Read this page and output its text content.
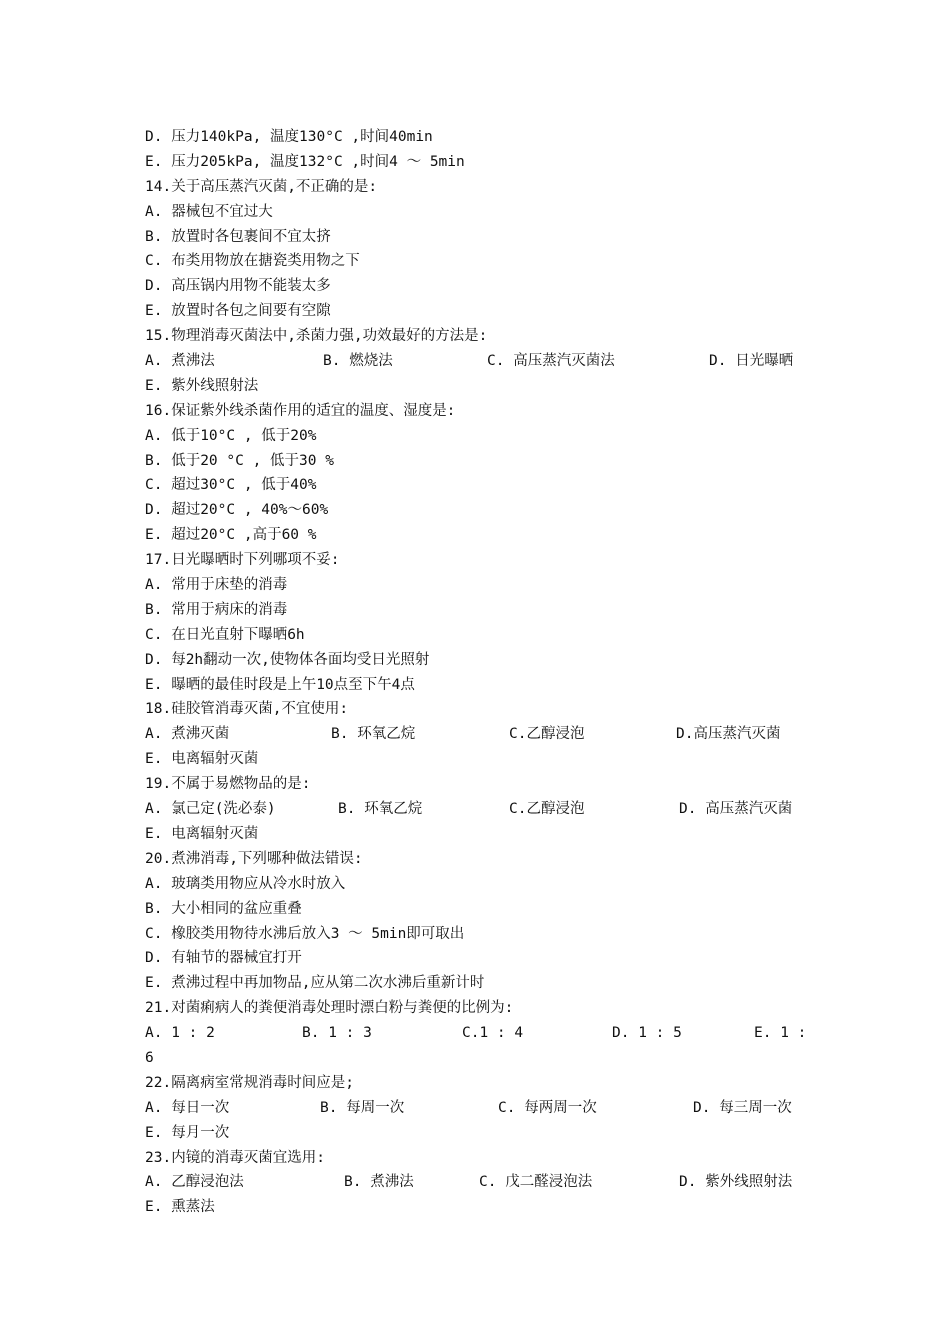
D. 压力140kPa, 温度130°C ,时间40min
E. 压力205kPa, 温度132°C ,时间4 ～ 5min
14.关于高压蒸汽灭菌,不正确的是:
A. 器械包不宜过大
B. 放置时各包裹间不宜太挤
C. 布类用物放在搪瓷类用物之下
D. 高压锅内用物不能装太多
E. 放置时各包之间要有空隙
15.物理消毒灭菌法中,杀菌力强,功效最好的方法是:
A. 煮沸法	B. 燃烧法	C. 高压蒸汽灭菌法	D. 日光曝晒
E. 紫外线照射法
16.保证紫外线杀菌作用的适宜的温度、湿度是:
A. 低于10°C , 低于20%
B. 低于20 °C , 低于30 %
C. 超过30°C , 低于40%
D. 超过20°C , 40%～60%
E. 超过20°C ,高于60 %
17.日光曝晒时下列哪项不妥:
A. 常用于床垫的消毒
B. 常用于病床的消毒
C. 在日光直射下曝晒6h
D. 每2h翻动一次,使物体各面均受日光照射
E. 曝晒的最佳时段是上午10点至下午4点
18.硅胶管消毒灭菌,不宜使用:
A. 煮沸灭菌	B. 环氧乙烷	C.乙醇浸泡	D.高压蒸汽灭菌
E. 电离辐射灭菌
19.不属于易燃物品的是:
A. 氯己定(洗必泰)	B. 环氧乙烷	C.乙醇浸泡	D. 高压蒸汽灭菌
E. 电离辐射灭菌
20.煮沸消毒,下列哪种做法错误:
A. 玻璃类用物应从冷水时放入
B. 大小相同的盆应重叠
C. 橡胶类用物待水沸后放入3 ～ 5min即可取出
D. 有轴节的器械宜打开
E. 煮沸过程中再加物品,应从第二次水沸后重新计时
21.对菌痢病人的粪便消毒处理时漂白粉与粪便的比例为:
A. 1 : 2	B. 1 : 3	C.1 : 4	D. 1 : 5	E. 1 :
6
22.隔离病室常规消毒时间应是;
A. 每日一次	B. 每周一次	C. 每两周一次	D. 每三周一次
E. 每月一次
23.内镜的消毒灭菌宜选用:
A. 乙醇浸泡法	B. 煮沸法	C. 戊二醛浸泡法	D. 紫外线照射法
E. 熏蒸法
